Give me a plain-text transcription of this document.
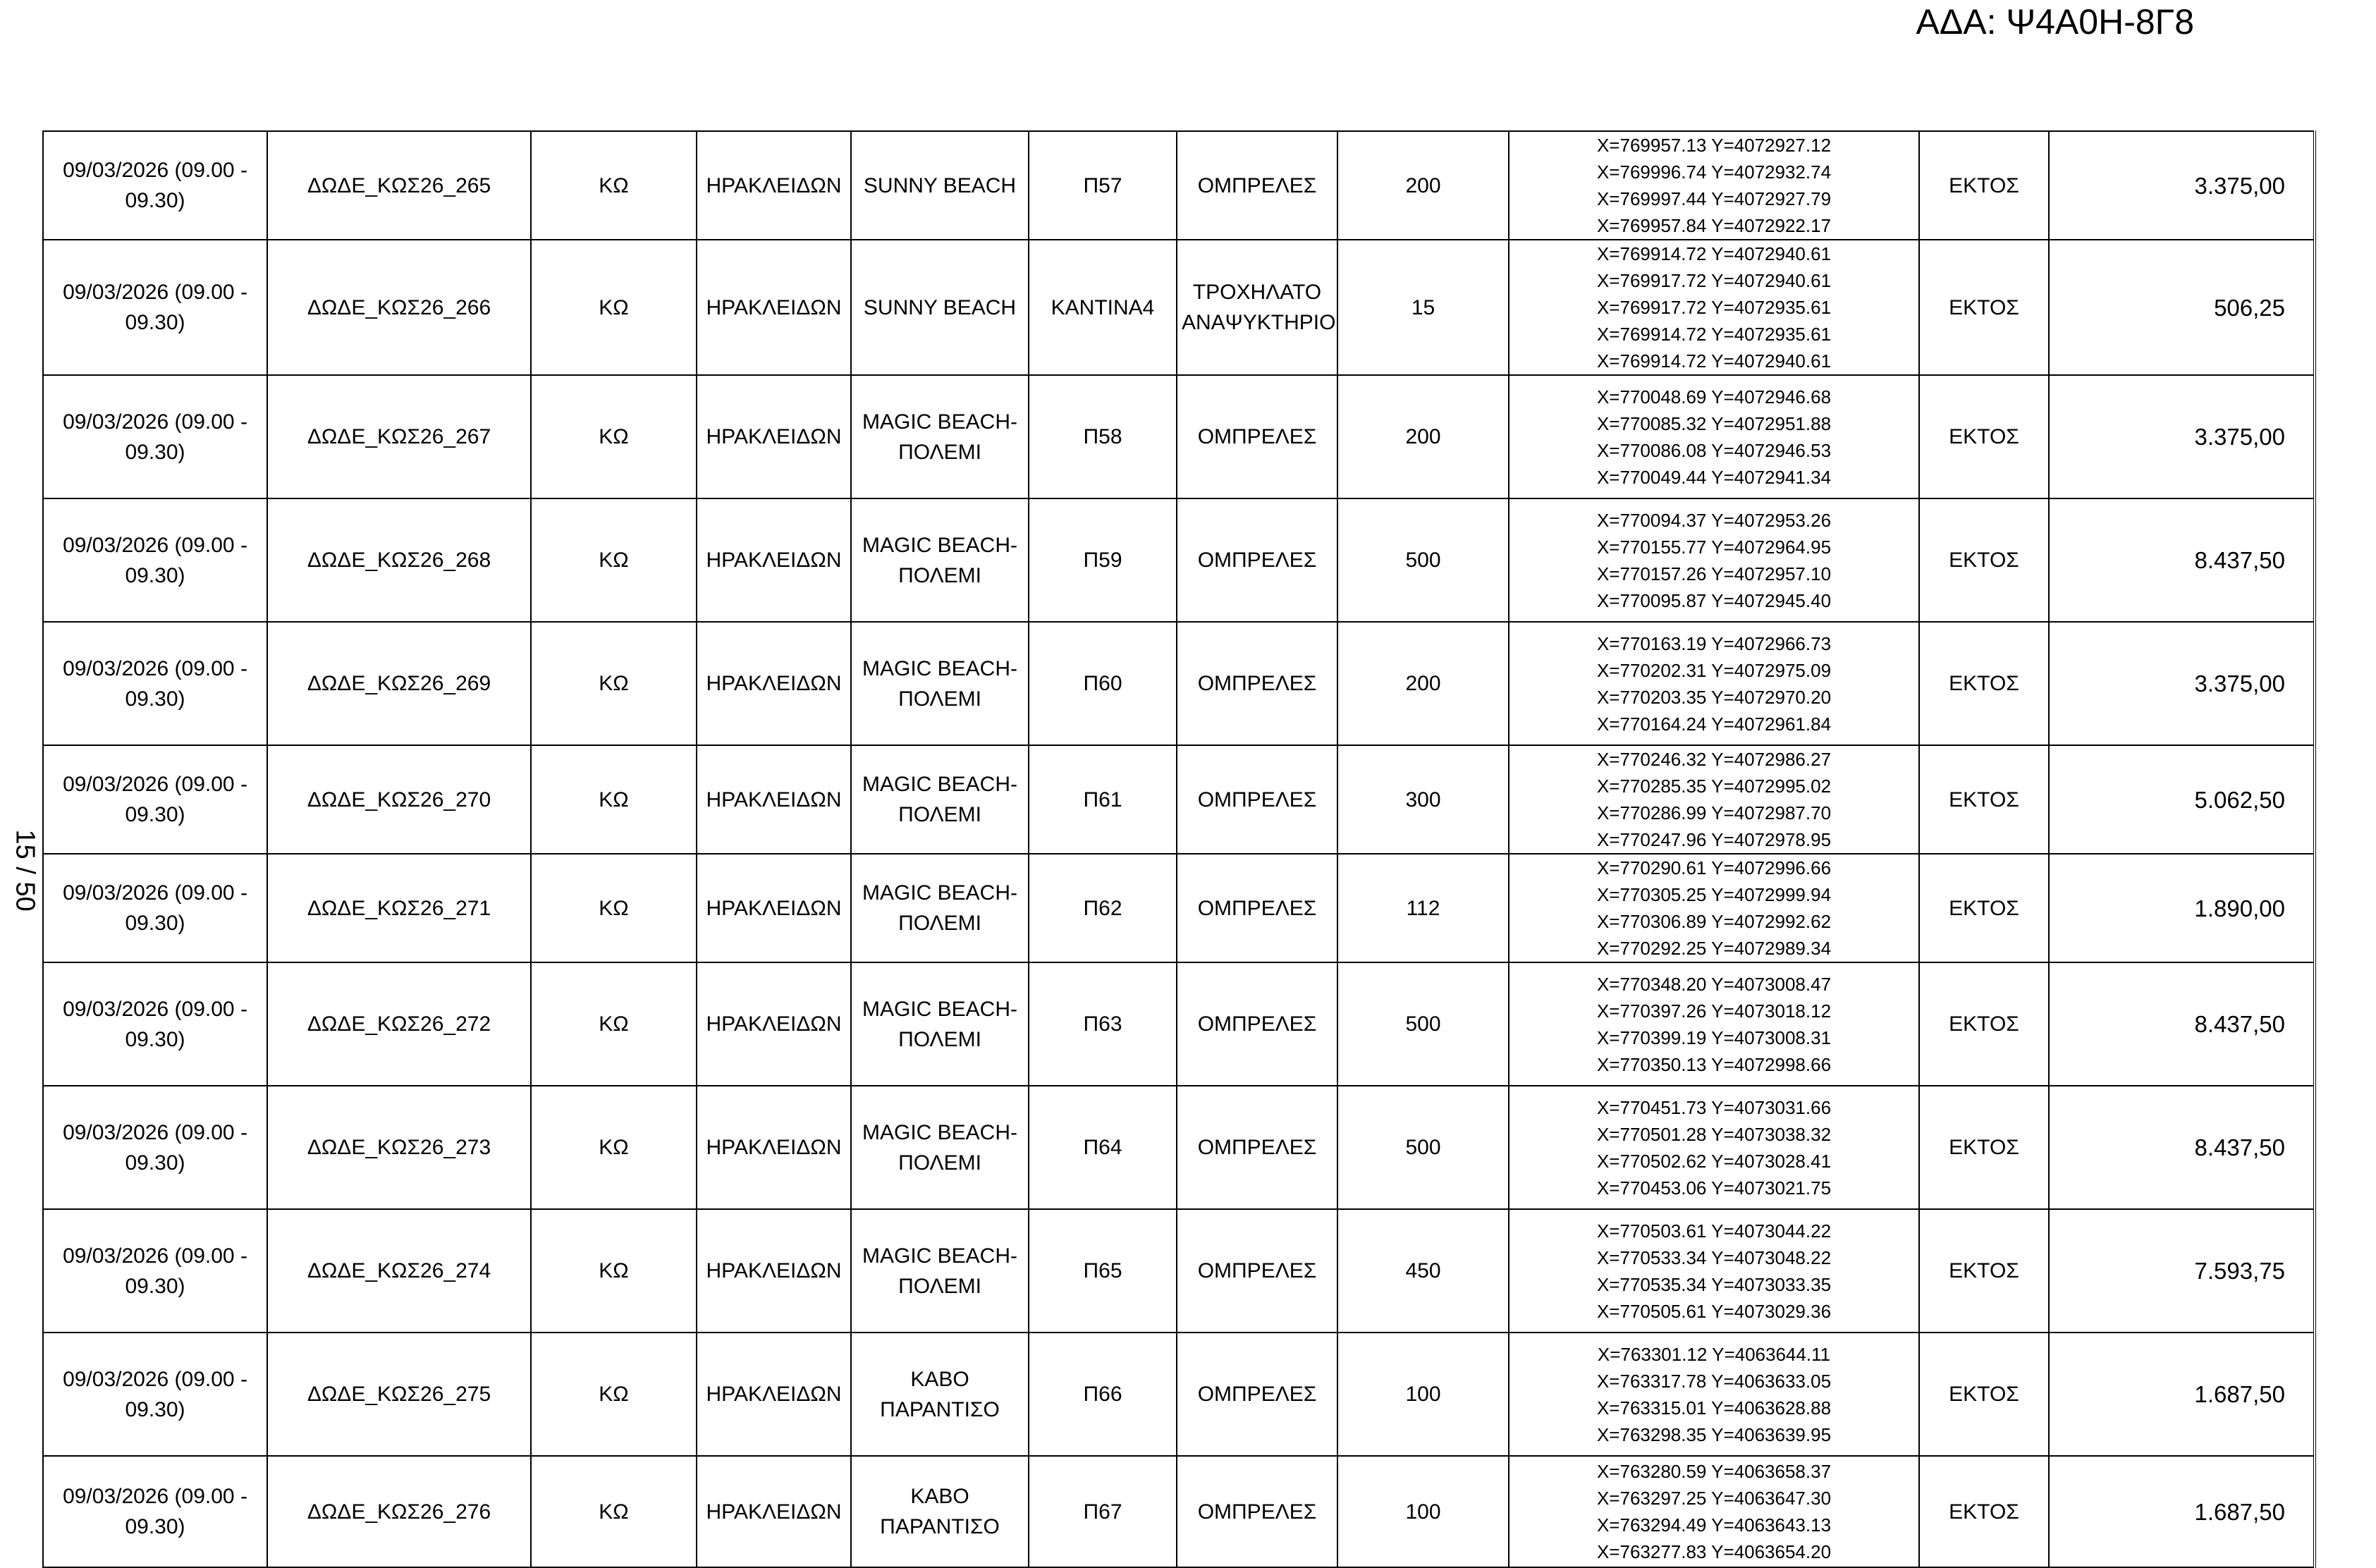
ΑΔΑ: Ψ4Α0Η-8Γ8
15 / 50
09/03/2026 (09.00 - 09.30)	ΔΩΔΕ_ΚΩΣ26_265	ΚΩ	ΗΡΑΚΛΕΙΔΩΝ	SUNNY BEACH	Π57	ΟΜΠΡΕΛΕΣ	200	X=769957.13 Y=4072927.12
X=769996.74 Y=4072932.74
X=769997.44 Y=4072927.79
X=769957.84 Y=4072922.17	ΕΚΤΟΣ	3.375,00
09/03/2026 (09.00 - 09.30)	ΔΩΔΕ_ΚΩΣ26_266	ΚΩ	ΗΡΑΚΛΕΙΔΩΝ	SUNNY BEACH	ΚΑΝΤΙΝΑ4	ΤΡΟΧΗΛΑΤΟ ΑΝΑΨΥΚΤΗΡΙΟ	15	X=769914.72 Y=4072940.61
X=769917.72 Y=4072940.61
X=769917.72 Y=4072935.61
X=769914.72 Y=4072935.61
X=769914.72 Y=4072940.61	ΕΚΤΟΣ	506,25
09/03/2026 (09.00 - 09.30)	ΔΩΔΕ_ΚΩΣ26_267	ΚΩ	ΗΡΑΚΛΕΙΔΩΝ	MAGIC BEACH-ΠΟΛΕΜΙ	Π58	ΟΜΠΡΕΛΕΣ	200	X=770048.69 Y=4072946.68
X=770085.32 Y=4072951.88
X=770086.08 Y=4072946.53
X=770049.44 Y=4072941.34	ΕΚΤΟΣ	3.375,00
09/03/2026 (09.00 - 09.30)	ΔΩΔΕ_ΚΩΣ26_268	ΚΩ	ΗΡΑΚΛΕΙΔΩΝ	MAGIC BEACH-ΠΟΛΕΜΙ	Π59	ΟΜΠΡΕΛΕΣ	500	X=770094.37 Y=4072953.26
X=770155.77 Y=4072964.95
X=770157.26 Y=4072957.10
X=770095.87 Y=4072945.40	ΕΚΤΟΣ	8.437,50
09/03/2026 (09.00 - 09.30)	ΔΩΔΕ_ΚΩΣ26_269	ΚΩ	ΗΡΑΚΛΕΙΔΩΝ	MAGIC BEACH-ΠΟΛΕΜΙ	Π60	ΟΜΠΡΕΛΕΣ	200	X=770163.19 Y=4072966.73
X=770202.31 Y=4072975.09
X=770203.35 Y=4072970.20
X=770164.24 Y=4072961.84	ΕΚΤΟΣ	3.375,00
09/03/2026 (09.00 - 09.30)	ΔΩΔΕ_ΚΩΣ26_270	ΚΩ	ΗΡΑΚΛΕΙΔΩΝ	MAGIC BEACH-ΠΟΛΕΜΙ	Π61	ΟΜΠΡΕΛΕΣ	300	X=770246.32 Y=4072986.27
X=770285.35 Y=4072995.02
X=770286.99 Y=4072987.70
X=770247.96 Y=4072978.95	ΕΚΤΟΣ	5.062,50
09/03/2026 (09.00 - 09.30)	ΔΩΔΕ_ΚΩΣ26_271	ΚΩ	ΗΡΑΚΛΕΙΔΩΝ	MAGIC BEACH-ΠΟΛΕΜΙ	Π62	ΟΜΠΡΕΛΕΣ	112	X=770290.61 Y=4072996.66
X=770305.25 Y=4072999.94
X=770306.89 Y=4072992.62
X=770292.25 Y=4072989.34	ΕΚΤΟΣ	1.890,00
09/03/2026 (09.00 - 09.30)	ΔΩΔΕ_ΚΩΣ26_272	ΚΩ	ΗΡΑΚΛΕΙΔΩΝ	MAGIC BEACH-ΠΟΛΕΜΙ	Π63	ΟΜΠΡΕΛΕΣ	500	X=770348.20 Y=4073008.47
X=770397.26 Y=4073018.12
X=770399.19 Y=4073008.31
X=770350.13 Y=4072998.66	ΕΚΤΟΣ	8.437,50
09/03/2026 (09.00 - 09.30)	ΔΩΔΕ_ΚΩΣ26_273	ΚΩ	ΗΡΑΚΛΕΙΔΩΝ	MAGIC BEACH-ΠΟΛΕΜΙ	Π64	ΟΜΠΡΕΛΕΣ	500	X=770451.73 Y=4073031.66
X=770501.28 Y=4073038.32
X=770502.62 Y=4073028.41
X=770453.06 Y=4073021.75	ΕΚΤΟΣ	8.437,50
09/03/2026 (09.00 - 09.30)	ΔΩΔΕ_ΚΩΣ26_274	ΚΩ	ΗΡΑΚΛΕΙΔΩΝ	MAGIC BEACH-ΠΟΛΕΜΙ	Π65	ΟΜΠΡΕΛΕΣ	450	X=770503.61 Y=4073044.22
X=770533.34 Y=4073048.22
X=770535.34 Y=4073033.35
X=770505.61 Y=4073029.36	ΕΚΤΟΣ	7.593,75
09/03/2026 (09.00 - 09.30)	ΔΩΔΕ_ΚΩΣ26_275	ΚΩ	ΗΡΑΚΛΕΙΔΩΝ	ΚΑΒΟ ΠΑΡΑΝΤΙΣΟ	Π66	ΟΜΠΡΕΛΕΣ	100	X=763301.12 Y=4063644.11
X=763317.78 Y=4063633.05
X=763315.01 Y=4063628.88
X=763298.35 Y=4063639.95	ΕΚΤΟΣ	1.687,50
09/03/2026 (09.00 - 09.30)	ΔΩΔΕ_ΚΩΣ26_276	ΚΩ	ΗΡΑΚΛΕΙΔΩΝ	ΚΑΒΟ ΠΑΡΑΝΤΙΣΟ	Π67	ΟΜΠΡΕΛΕΣ	100	X=763280.59 Y=4063658.37
X=763297.25 Y=4063647.30
X=763294.49 Y=4063643.13
X=763277.83 Y=4063654.20	ΕΚΤΟΣ	1.687,50
